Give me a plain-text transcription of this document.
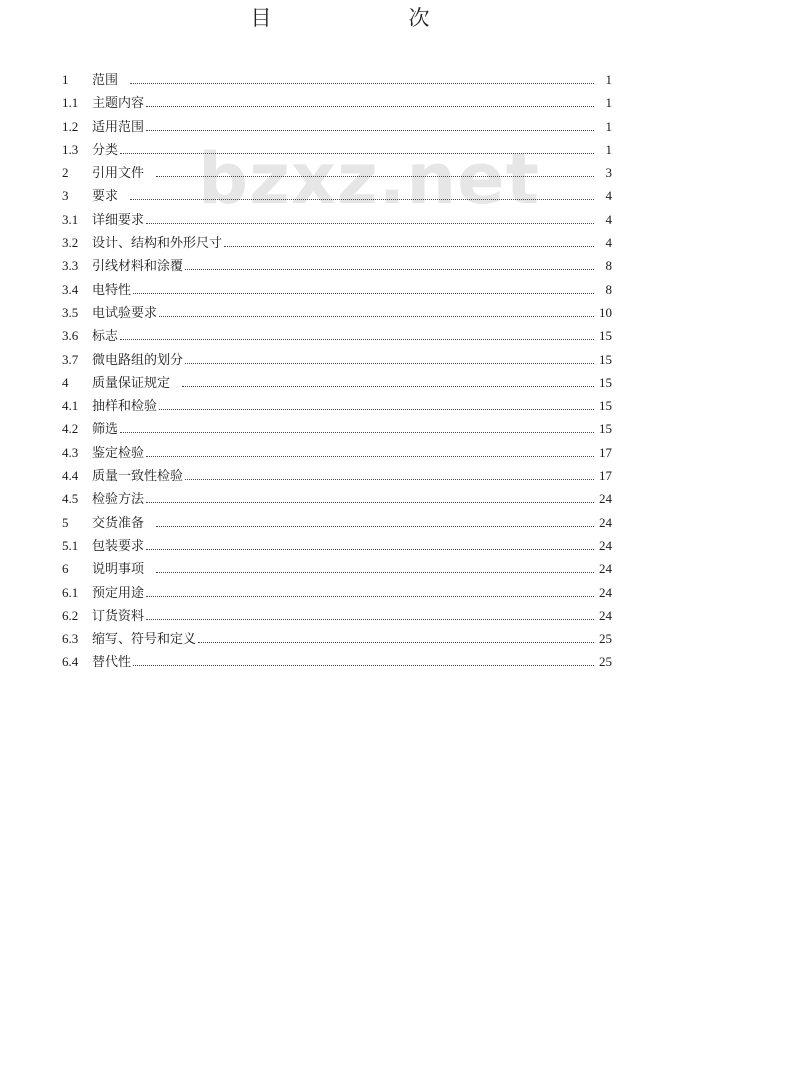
bzxz.net
目　次
1	范围	1
1.1	主题内容	1
1.2	适用范围	1
1.3	分类	1
2	引用文件	3
3	要求	4
3.1	详细要求	4
3.2	设计、结构和外形尺寸	4
3.3	引线材料和涂覆	8
3.4	电特性	8
3.5	电试验要求	10
3.6	标志	15
3.7	微电路组的划分	15
4	质量保证规定	15
4.1	抽样和检验	15
4.2	筛选	15
4.3	鉴定检验	17
4.4	质量一致性检验	17
4.5	检验方法	24
5	交货准备	24
5.1	包装要求	24
6	说明事项	24
6.1	预定用途	24
6.2	订货资料	24
6.3	缩写、符号和定义	25
6.4	替代性	25
